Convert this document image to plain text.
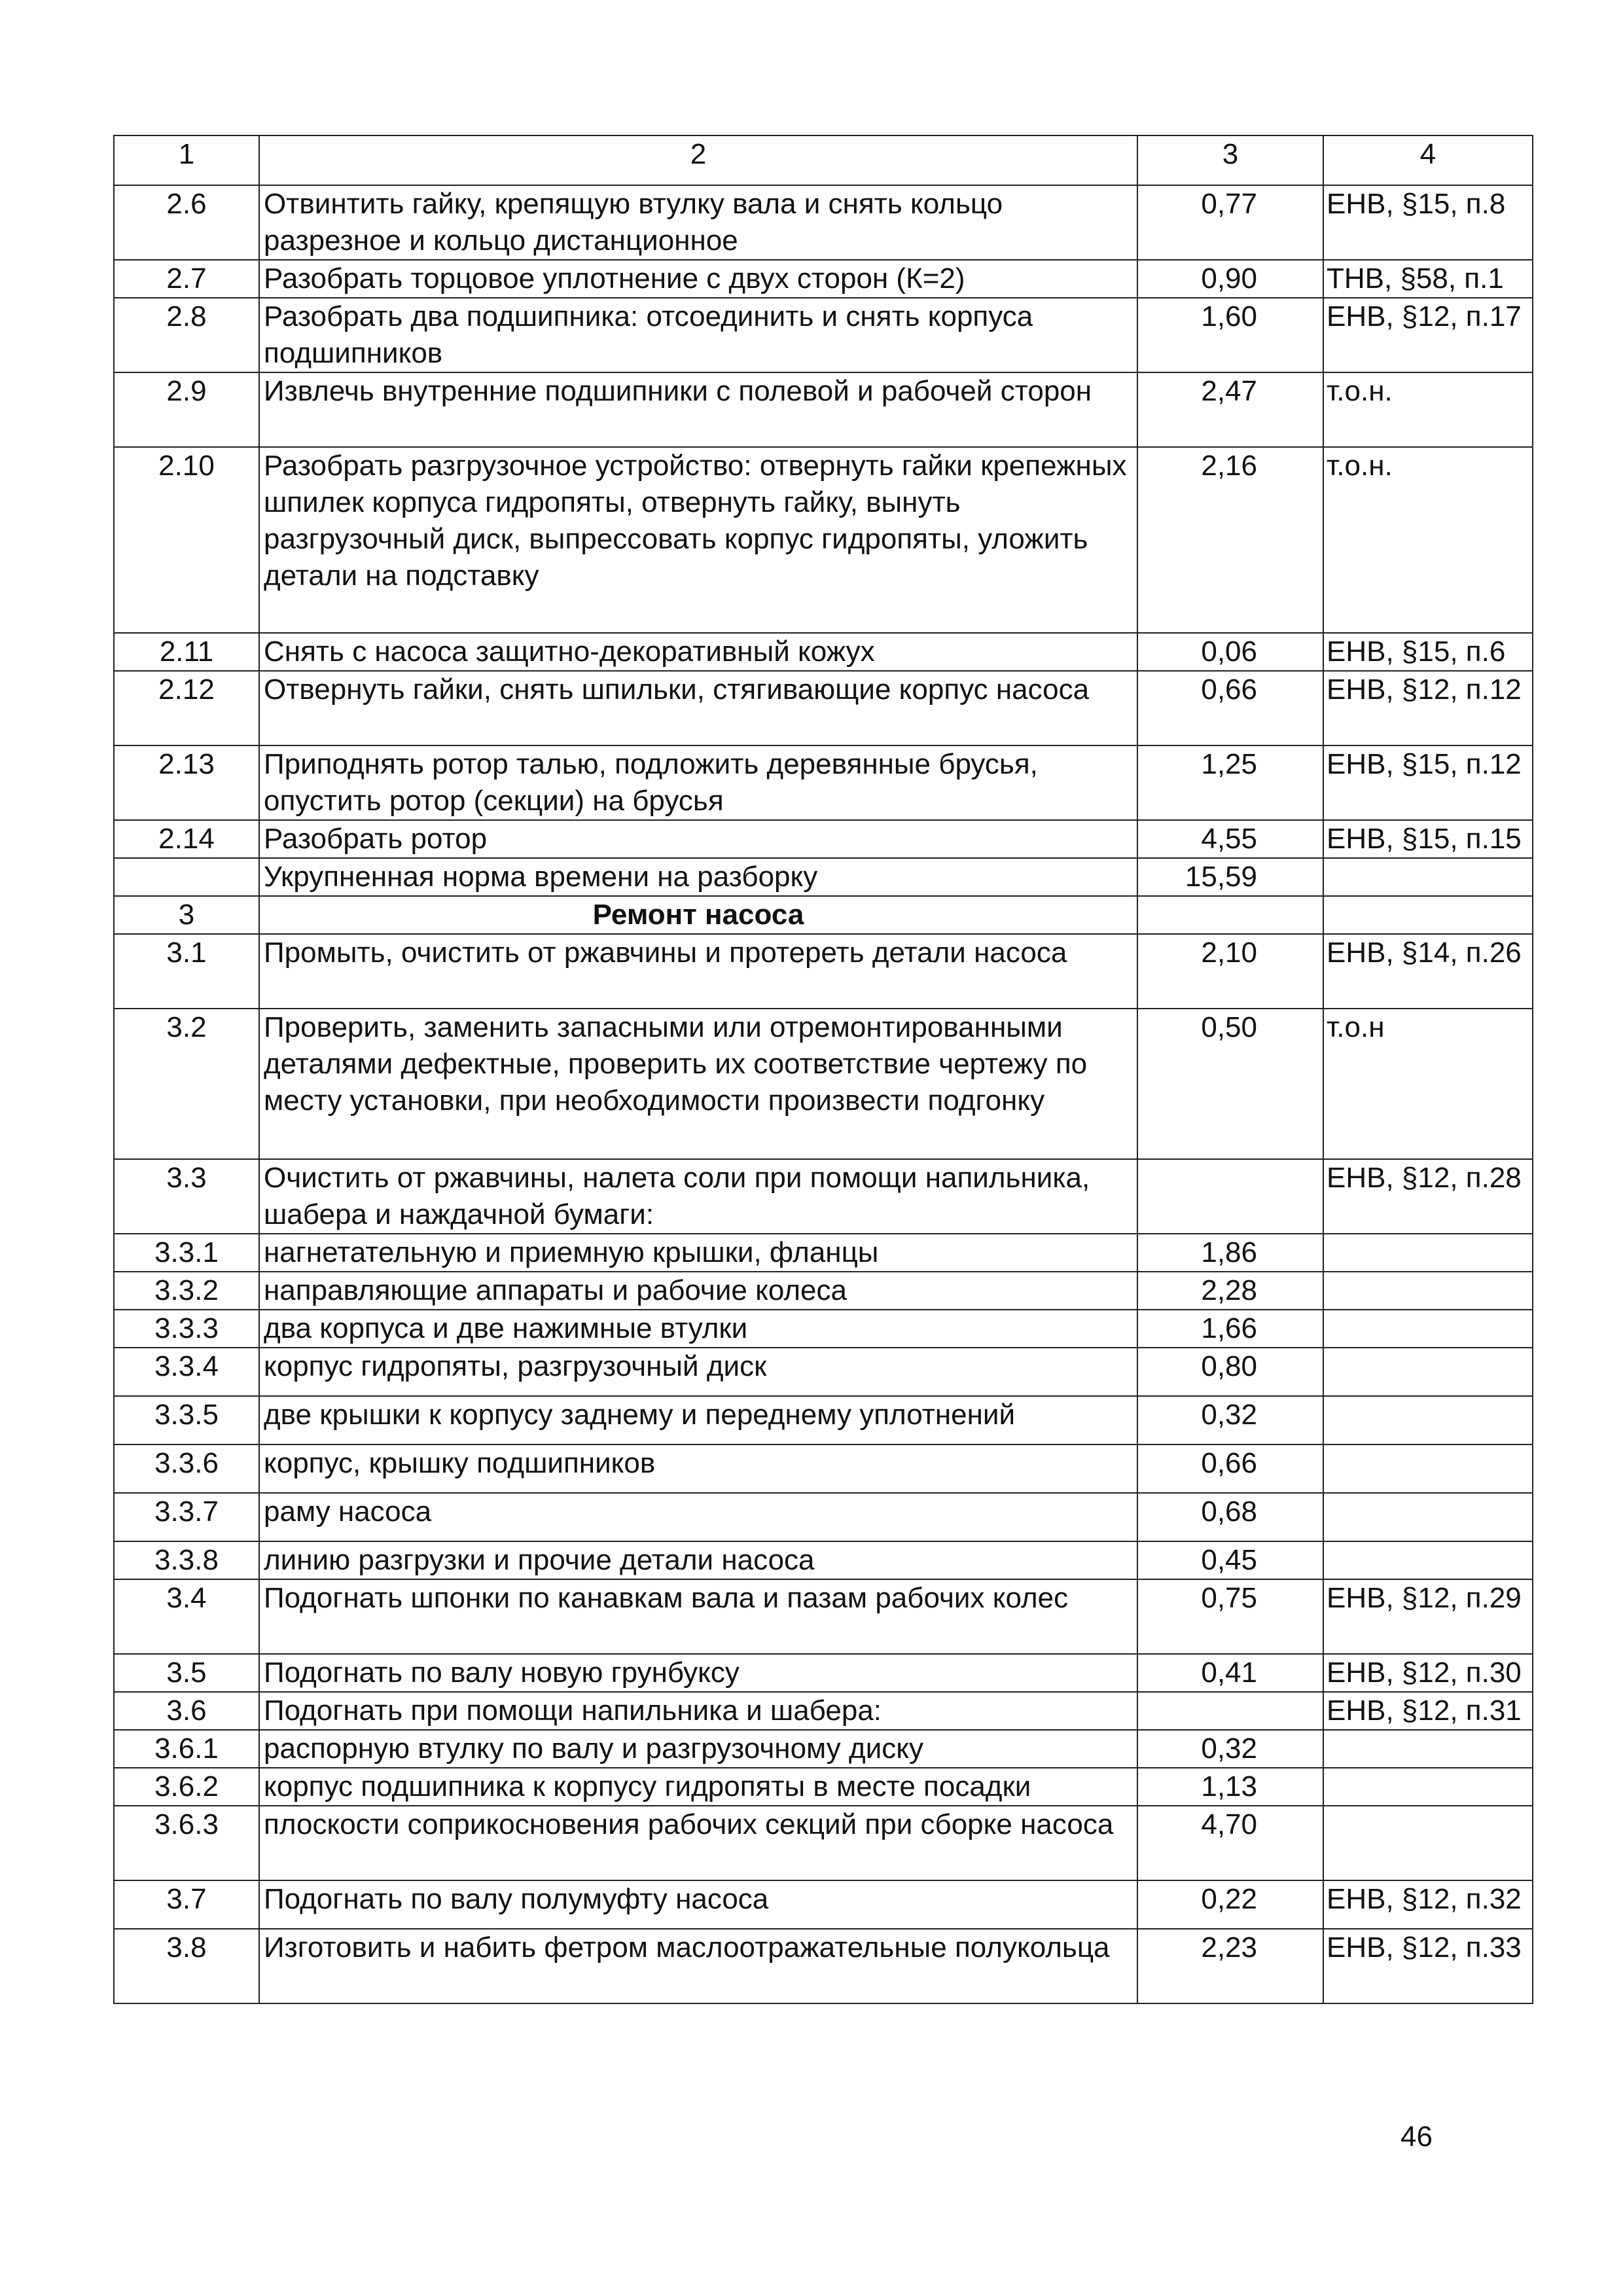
1	2	3	4
2.6	Отвинтить гайку, крепящую втулку вала и снять кольцо разрезное и кольцо дистанционное	0,77	ЕНВ, §15, п.8
2.7	Разобрать торцовое уплотнение с двух сторон (К=2)	0,90	ТНВ, §58, п.1
2.8	Разобрать два подшипника: отсоединить и снять корпуса подшипников	1,60	ЕНВ, §12, п.17
2.9	Извлечь внутренние подшипники с полевой и рабочей сторон	2,47	т.о.н.
2.10	Разобрать разгрузочное устройство: отвернуть гайки крепежных шпилек корпуса гидропяты, отвернуть гайку, вынуть разгрузочный диск, выпрессовать корпус гидропяты, уложить детали на подставку	2,16	т.о.н.
2.11	Снять с насоса защитно-декоративный кожух	0,06	ЕНВ, §15, п.6
2.12	Отвернуть гайки, снять шпильки, стягивающие корпус насоса	0,66	ЕНВ, §12, п.12
2.13	Приподнять ротор талью, подложить деревянные брусья, опустить ротор (секции) на брусья	1,25	ЕНВ, §15, п.12
2.14	Разобрать ротор	4,55	ЕНВ, §15, п.15
	Укрупненная норма времени на разборку	15,59	
3	Ремонт насоса		
3.1	Промыть, очистить от ржавчины и протереть детали насоса	2,10	ЕНВ, §14, п.26
3.2	Проверить, заменить запасными или отремонтированными деталями дефектные, проверить их соответствие чертежу по месту установки, при необходимости произвести подгонку	0,50	т.о.н
3.3	Очистить от ржавчины, налета соли при помощи напильника, шабера и наждачной бумаги:		ЕНВ, §12, п.28
3.3.1	нагнетательную и приемную крышки, фланцы	1,86	
3.3.2	направляющие аппараты и рабочие колеса	2,28	
3.3.3	два корпуса и две нажимные втулки	1,66	
3.3.4	корпус гидропяты, разгрузочный диск	0,80	
3.3.5	две крышки к корпусу заднему и переднему уплотнений	0,32	
3.3.6	корпус, крышку подшипников	0,66	
3.3.7	раму насоса	0,68	
3.3.8	линию разгрузки и прочие детали насоса	0,45	
3.4	Подогнать шпонки по канавкам вала и пазам рабочих колес	0,75	ЕНВ, §12, п.29
3.5	Подогнать по валу новую грунбуксу	0,41	ЕНВ, §12, п.30
3.6	Подогнать при помощи напильника и шабера:		ЕНВ, §12, п.31
3.6.1	распорную втулку по валу и разгрузочному диску	0,32	
3.6.2	корпус подшипника к корпусу гидропяты в месте посадки	1,13	
3.6.3	плоскости соприкосновения рабочих секций при сборке насоса	4,70	
3.7	Подогнать по валу полумуфту насоса	0,22	ЕНВ, §12, п.32
3.8	Изготовить и набить фетром маслоотражательные полукольца	2,23	ЕНВ, §12, п.33
46
